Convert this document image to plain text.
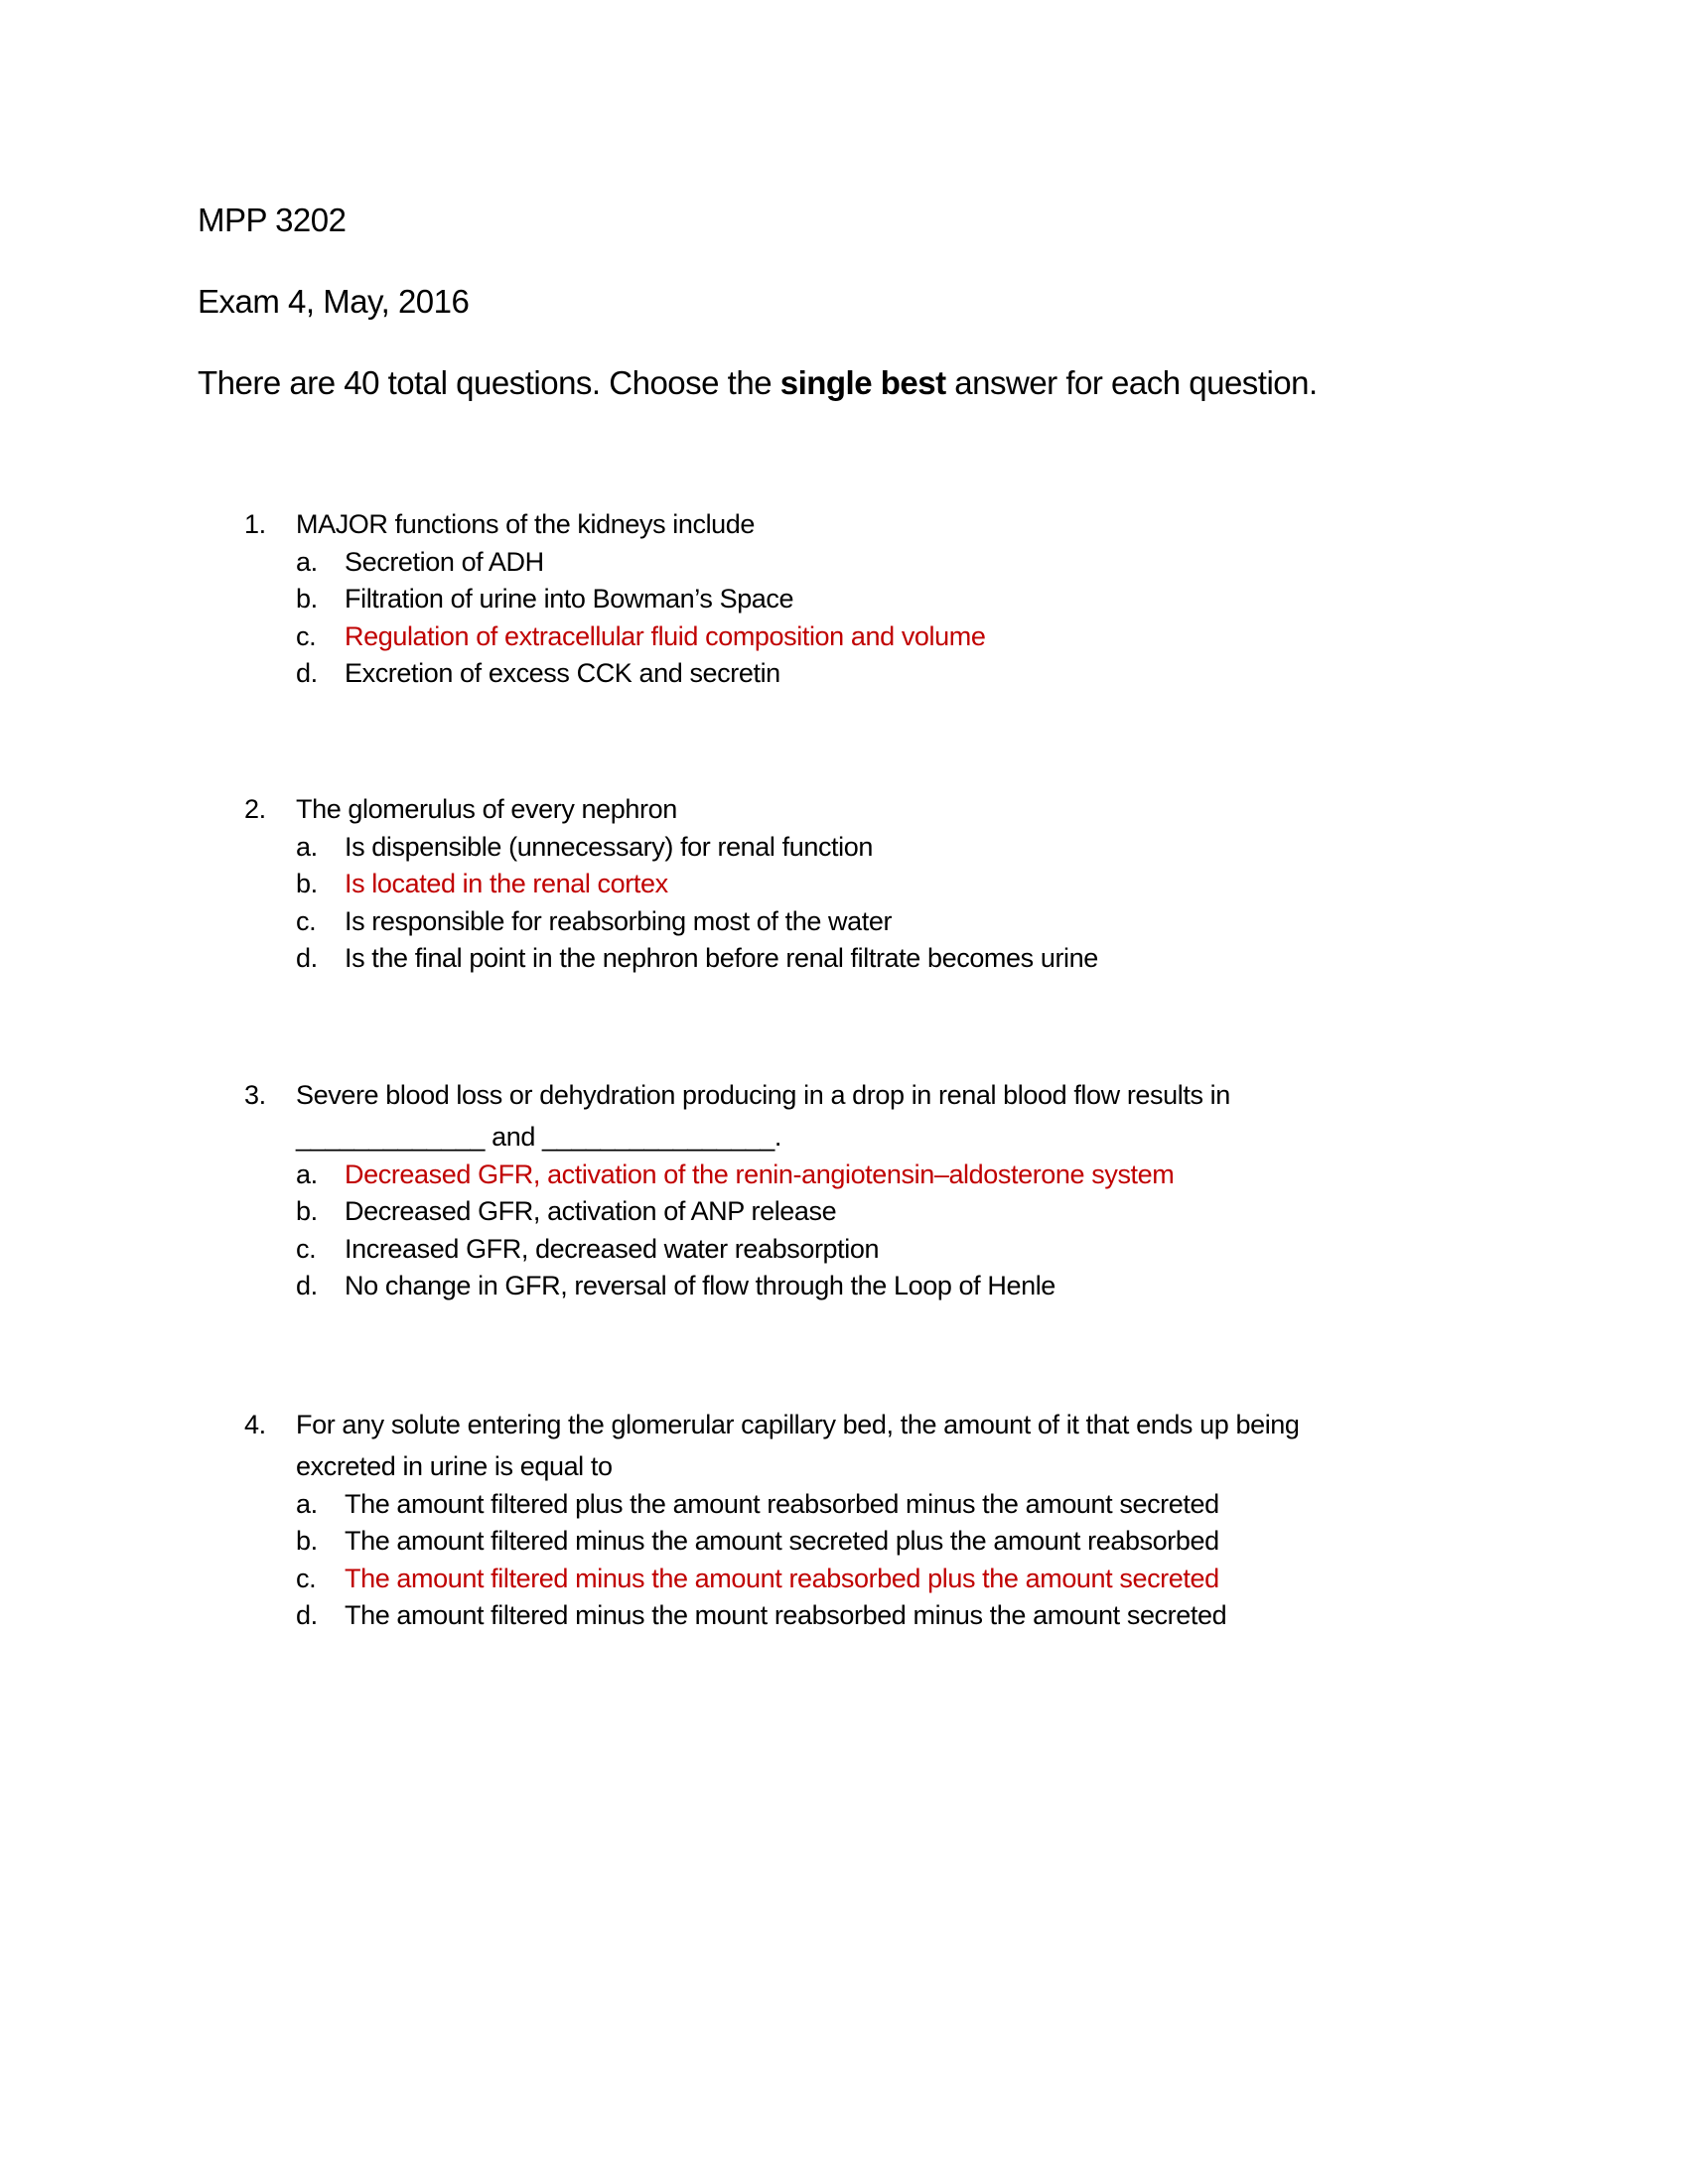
MPP 3202
Exam 4, May, 2016
There are 40 total questions. Choose the single best answer for each question.
1. MAJOR functions of the kidneys include
a. Secretion of ADH
b. Filtration of urine into Bowman’s Space
c. Regulation of extracellular fluid composition and volume
d. Excretion of excess CCK and secretin
2. The glomerulus of every nephron
a. Is dispensible (unnecessary) for renal function
b. Is located in the renal cortex
c. Is responsible for reabsorbing most of the water
d. Is the final point in the nephron before renal filtrate becomes urine
3. Severe blood loss or dehydration producing in a drop in renal blood flow results in
_____________ and ________________.
a. Decreased GFR, activation of the renin-angiotensin–aldosterone system
b. Decreased GFR, activation of ANP release
c. Increased GFR, decreased water reabsorption
d. No change in GFR, reversal of flow through the Loop of Henle
4. For any solute entering the glomerular capillary bed, the amount of it that ends up being
excreted in urine is equal to
a. The amount filtered plus the amount reabsorbed minus the amount secreted
b. The amount filtered minus the amount secreted plus the amount reabsorbed
c. The amount filtered minus the amount reabsorbed plus the amount secreted
d. The amount filtered minus the mount reabsorbed minus the amount secreted
